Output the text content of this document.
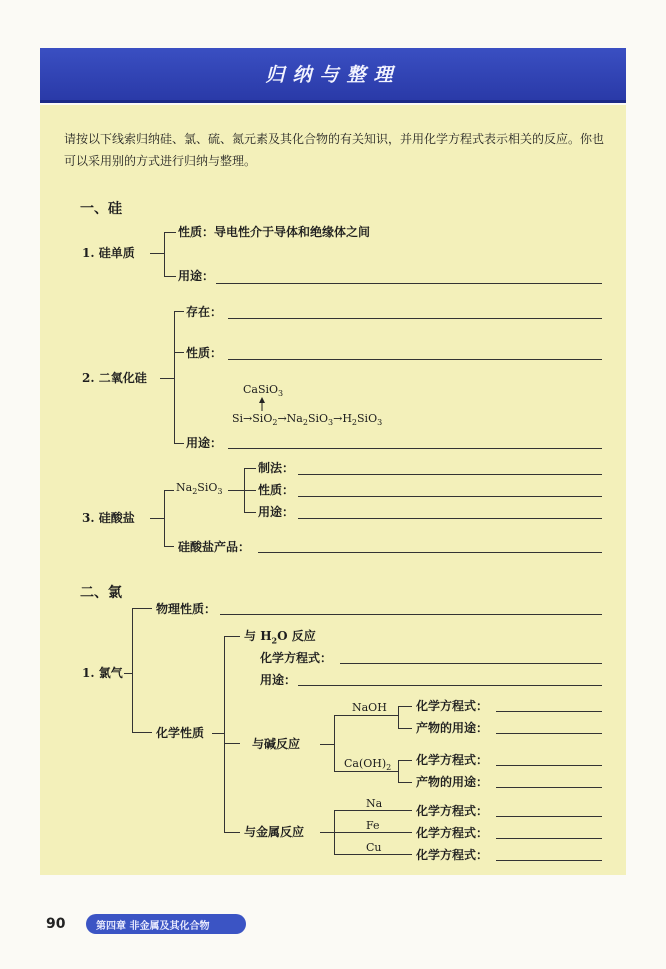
归纳与整理
请按以下线索归纳硅、氯、硫、氮元素及其化合物的有关知识，并用化学方程式表示相关的反应。你也可以采用别的方式进行归纳与整理。
一、硅
1. 硅单质
性质：导电性介于导体和绝缘体之间
用途：
2. 二氧化硅
存在：
性质：
用途：
CaSiO$_3$
$Si\to SiO_2\to Na_2SiO_3\to H_2SiO_3$
$Na_2SiO_3$
3. 硅酸盐
制法：
性质：
用途：
硅酸盐产品：
二、氯
1. 氯气
物理性质：
化学性质
与 $H_2O$ 反应
化学方程式：
用途：
与碱反应
NaOH
$Ca(OH)_2$
化学方程式：
产物的用途：
化学方程式：
产物的用途：
与金属反应
Na
Fe
Cu
化学方程式：
化学方程式：
化学方程式：
90	第四章 非金属及其化合物
